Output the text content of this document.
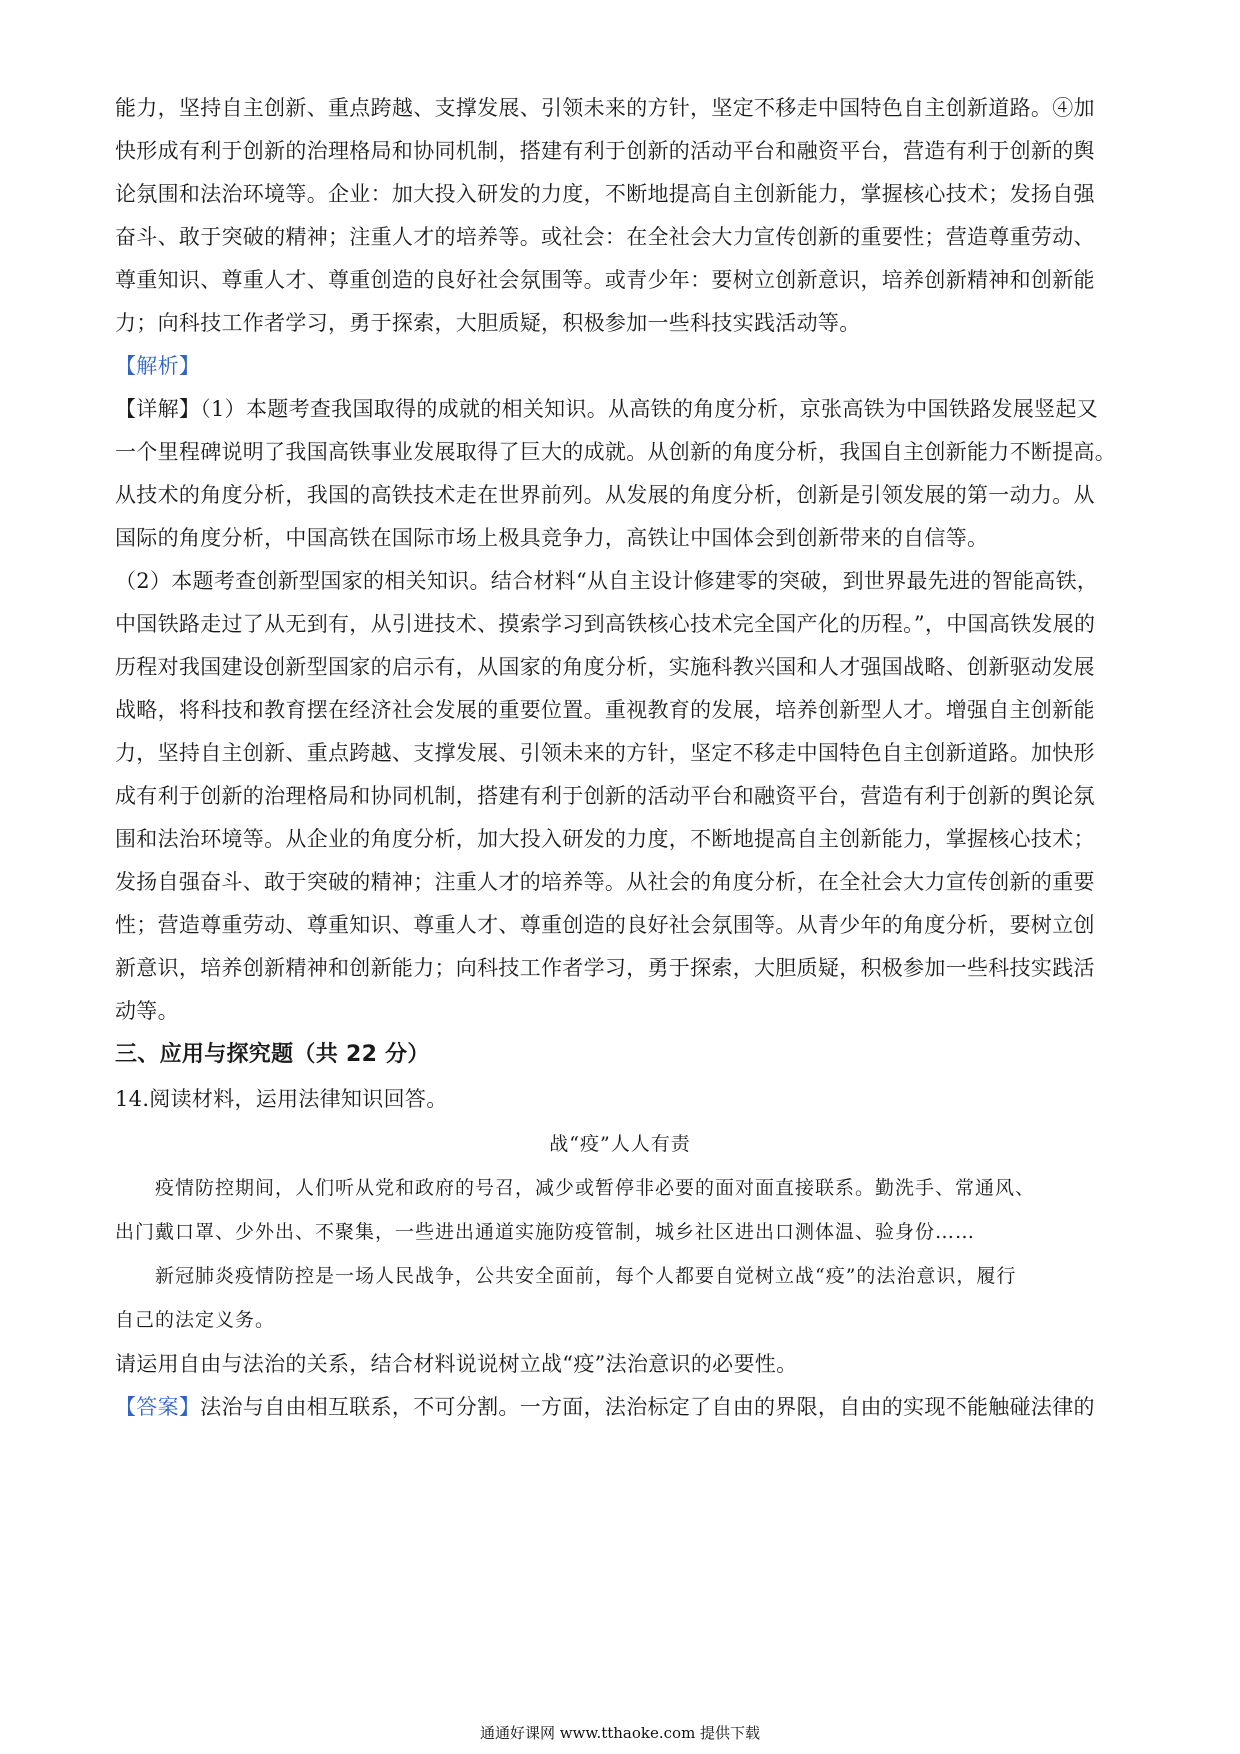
能力，坚持自主创新、重点跨越、支撑发展、引领未来的方针，坚定不移走中国特色自主创新道路。④加
快形成有利于创新的治理格局和协同机制，搭建有利于创新的活动平台和融资平台，营造有利于创新的舆
论氛围和法治环境等。企业：加大投入研发的力度，不断地提高自主创新能力，掌握核心技术；发扬自强
奋斗、敢于突破的精神；注重人才的培养等。或社会：在全社会大力宣传创新的重要性；营造尊重劳动、
尊重知识、尊重人才、尊重创造的良好社会氛围等。或青少年：要树立创新意识，培养创新精神和创新能
力；向科技工作者学习，勇于探索，大胆质疑，积极参加一些科技实践活动等。
【解析】
【详解】（1）本题考查我国取得的成就的相关知识。从高铁的角度分析，京张高铁为中国铁路发展竖起又
一个里程碑说明了我国高铁事业发展取得了巨大的成就。从创新的角度分析，我国自主创新能力不断提高。
从技术的角度分析，我国的高铁技术走在世界前列。从发展的角度分析，创新是引领发展的第一动力。从
国际的角度分析，中国高铁在国际市场上极具竞争力，高铁让中国体会到创新带来的自信等。
（2）本题考查创新型国家的相关知识。结合材料“从自主设计修建零的突破，到世界最先进的智能高铁，
中国铁路走过了从无到有，从引进技术、摸索学习到高铁核心技术完全国产化的历程。”，中国高铁发展的
历程对我国建设创新型国家的启示有，从国家的角度分析，实施科教兴国和人才强国战略、创新驱动发展
战略，将科技和教育摆在经济社会发展的重要位置。重视教育的发展，培养创新型人才。增强自主创新能
力，坚持自主创新、重点跨越、支撑发展、引领未来的方针，坚定不移走中国特色自主创新道路。加快形
成有利于创新的治理格局和协同机制，搭建有利于创新的活动平台和融资平台，营造有利于创新的舆论氛
围和法治环境等。从企业的角度分析，加大投入研发的力度，不断地提高自主创新能力，掌握核心技术；
发扬自强奋斗、敢于突破的精神；注重人才的培养等。从社会的角度分析，在全社会大力宣传创新的重要
性；营造尊重劳动、尊重知识、尊重人才、尊重创造的良好社会氛围等。从青少年的角度分析，要树立创
新意识，培养创新精神和创新能力；向科技工作者学习，勇于探索，大胆质疑，积极参加一些科技实践活
动等。
三、应用与探究题（共 22 分）
14.阅读材料，运用法律知识回答。
战“疫”人人有责
　　疫情防控期间，人们听从党和政府的号召，减少或暂停非必要的面对面直接联系。勤洗手、常通风、
出门戴口罩、少外出、不聚集，一些进出通道实施防疫管制，城乡社区进出口测体温、验身份……
　　新冠肺炎疫情防控是一场人民战争，公共安全面前，每个人都要自觉树立战“疫”的法治意识，履行
自己的法定义务。
请运用自由与法治的关系，结合材料说说树立战“疫”法治意识的必要性。
【答案】法治与自由相互联系，不可分割。一方面，法治标定了自由的界限，自由的实现不能触碰法律的
通通好课网 www.tthaoke.com 提供下载
